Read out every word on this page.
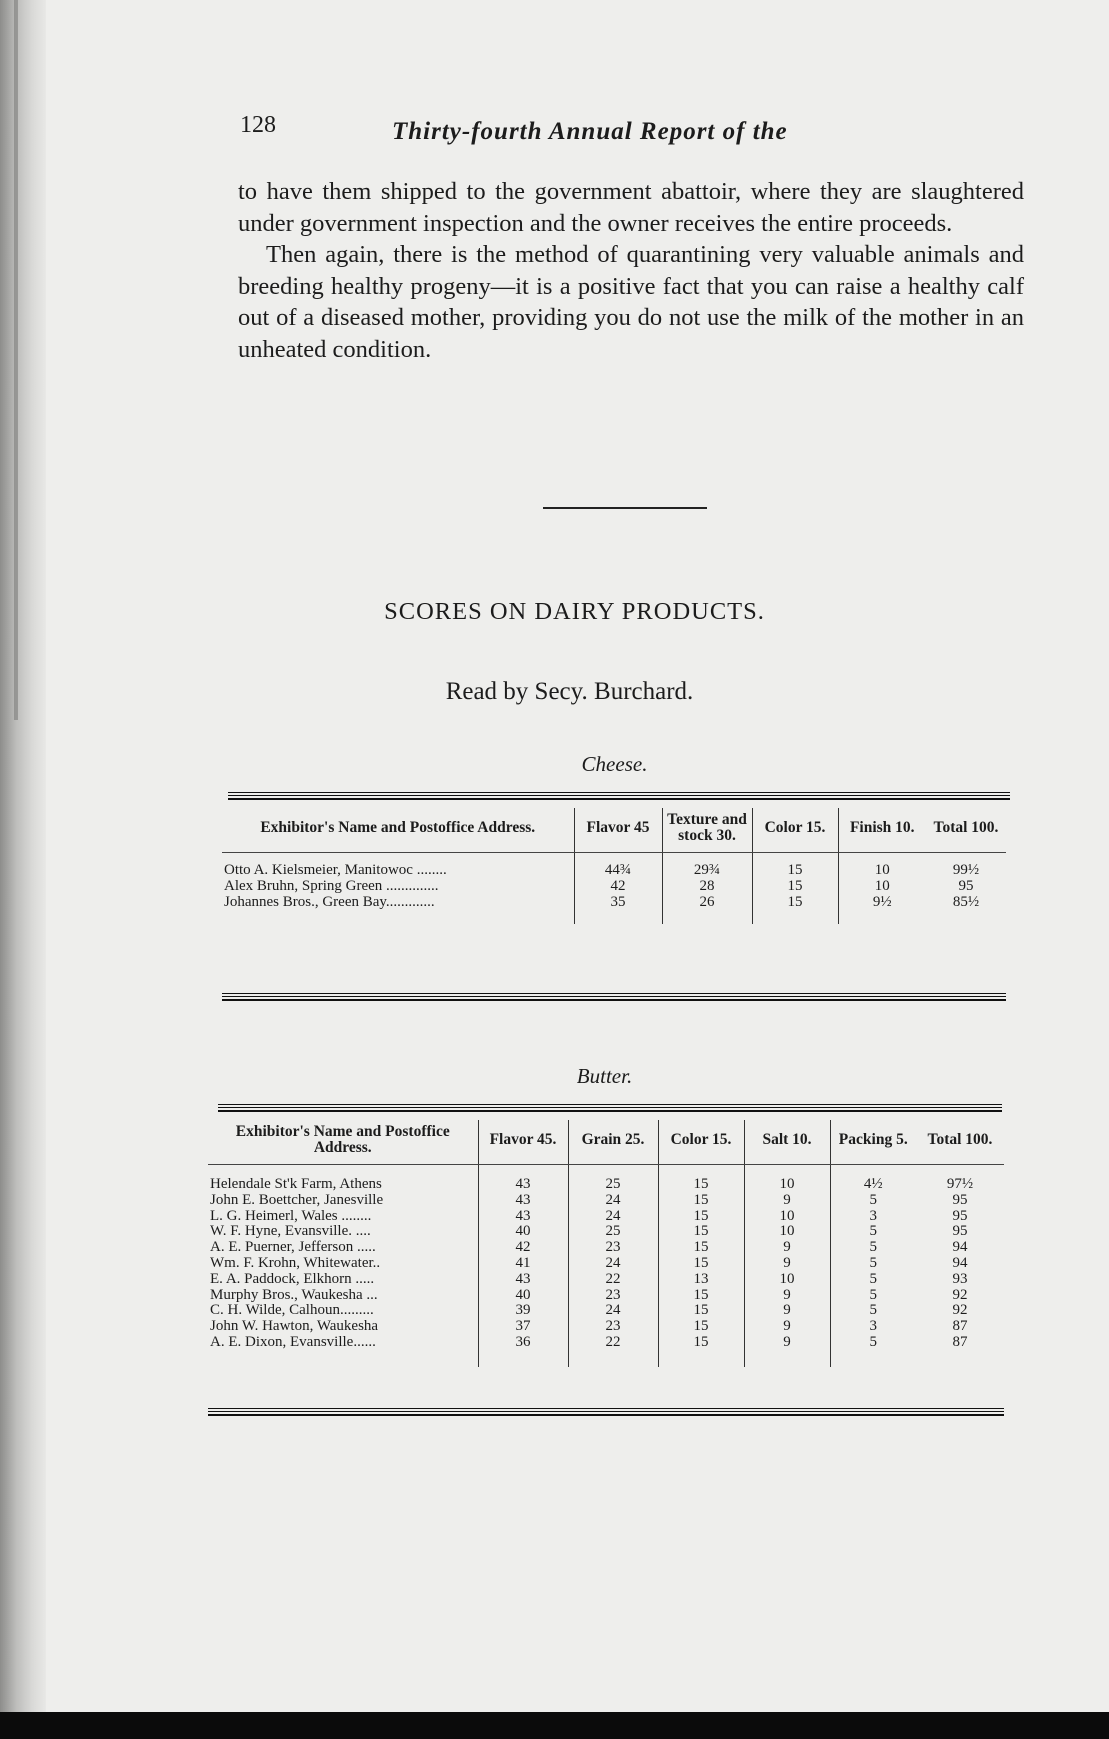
128	Thirty-fourth Annual Report of the

to have them shipped to the government abattoir, where they are slaughtered under government inspection and the owner receives the entire proceeds.

Then again, there is the method of quarantining very valuable animals and breeding healthy progeny—it is a positive fact that you can raise a healthy calf out of a diseased mother, providing you do not use the milk of the mother in an unheated condition.

SCORES ON DAIRY PRODUCTS.
Read by Secy. Burchard.
Cheese.
Exhibitor's Name and Postoffice Address.	Flavor 45	Texture and stock 30.	Color 15.	Finish 10.	Total 100.

Otto A. Kielsmeier, Manitowoc ........	44¾	29¾	15	10	99½
Alex Bruhn, Spring Green ..............	42	28	15	10	95
Johannes Bros., Green Bay.............	35	26	15	9½	85½

Butter.
Exhibitor's Name and Postoffice Address.	Flavor 45.	Grain 25.	Color 15.	Salt 10.	Packing 5.	Total 100.

Helendale St'k Farm, Athens	43	25	15	10	4½	97½
John E. Boettcher, Janesville	43	24	15	9	5	95
L. G. Heimerl, Wales ........	43	24	15	10	3	95
W. F. Hyne, Evansville. ....	40	25	15	10	5	95
A. E. Puerner, Jefferson .....	42	23	15	9	5	94
Wm. F. Krohn, Whitewater..	41	24	15	9	5	94
E. A. Paddock, Elkhorn .....	43	22	13	10	5	93
Murphy Bros., Waukesha ...	40	23	15	9	5	92
C. H. Wilde, Calhoun.........	39	24	15	9	5	92
John W. Hawton, Waukesha	37	23	15	9	3	87
A. E. Dixon, Evansville......	36	22	15	9	5	87
